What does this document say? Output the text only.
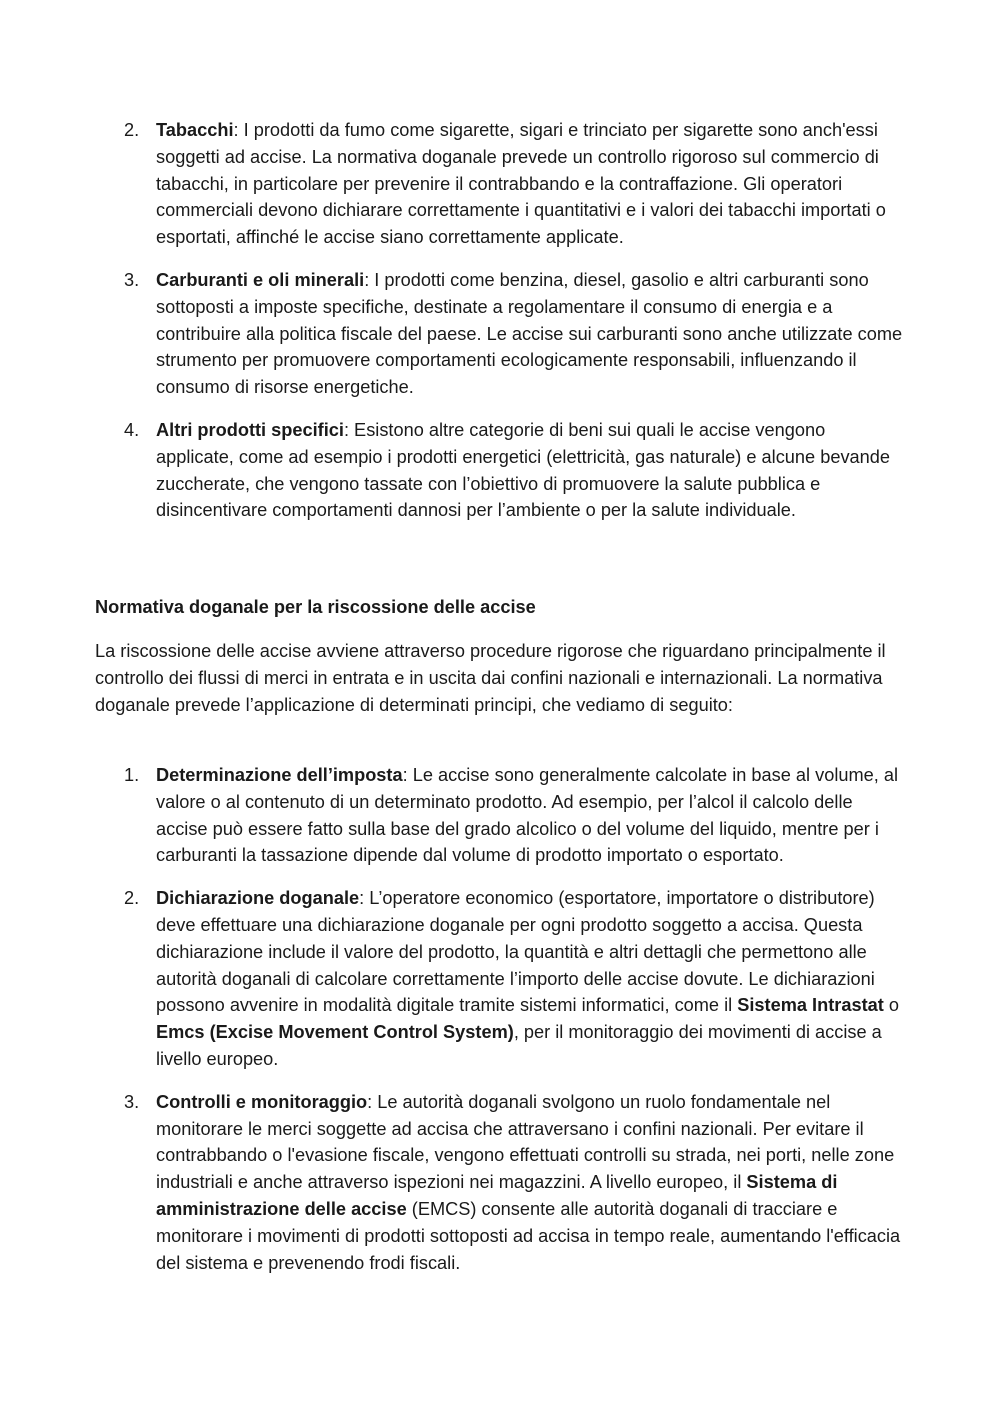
2. Tabacchi: I prodotti da fumo come sigarette, sigari e trinciato per sigarette sono anch'essi soggetti ad accise. La normativa doganale prevede un controllo rigoroso sul commercio di tabacchi, in particolare per prevenire il contrabbando e la contraffazione. Gli operatori commerciali devono dichiarare correttamente i quantitativi e i valori dei tabacchi importati o esportati, affinché le accise siano correttamente applicate.

3. Carburanti e oli minerali: I prodotti come benzina, diesel, gasolio e altri carburanti sono sottoposti a imposte specifiche, destinate a regolamentare il consumo di energia e a contribuire alla politica fiscale del paese. Le accise sui carburanti sono anche utilizzate come strumento per promuovere comportamenti ecologicamente responsabili, influenzando il consumo di risorse energetiche.

4. Altri prodotti specifici: Esistono altre categorie di beni sui quali le accise vengono applicate, come ad esempio i prodotti energetici (elettricità, gas naturale) e alcune bevande zuccherate, che vengono tassate con l’obiettivo di promuovere la salute pubblica e disincentivare comportamenti dannosi per l’ambiente o per la salute individuale.

Normativa doganale per la riscossione delle accise

La riscossione delle accise avviene attraverso procedure rigorose che riguardano principalmente il controllo dei flussi di merci in entrata e in uscita dai confini nazionali e internazionali. La normativa doganale prevede l’applicazione di determinati principi, che vediamo di seguito:

1. Determinazione dell’imposta: Le accise sono generalmente calcolate in base al volume, al valore o al contenuto di un determinato prodotto. Ad esempio, per l’alcol il calcolo delle accise può essere fatto sulla base del grado alcolico o del volume del liquido, mentre per i carburanti la tassazione dipende dal volume di prodotto importato o esportato.

2. Dichiarazione doganale: L’operatore economico (esportatore, importatore o distributore) deve effettuare una dichiarazione doganale per ogni prodotto soggetto a accisa. Questa dichiarazione include il valore del prodotto, la quantità e altri dettagli che permettono alle autorità doganali di calcolare correttamente l’importo delle accise dovute. Le dichiarazioni possono avvenire in modalità digitale tramite sistemi informatici, come il Sistema Intrastat o Emcs (Excise Movement Control System), per il monitoraggio dei movimenti di accise a livello europeo.

3. Controlli e monitoraggio: Le autorità doganali svolgono un ruolo fondamentale nel monitorare le merci soggette ad accisa che attraversano i confini nazionali. Per evitare il contrabbando o l'evasione fiscale, vengono effettuati controlli su strada, nei porti, nelle zone industriali e anche attraverso ispezioni nei magazzini. A livello europeo, il Sistema di amministrazione delle accise (EMCS) consente alle autorità doganali di tracciare e monitorare i movimenti di prodotti sottoposti ad accisa in tempo reale, aumentando l'efficacia del sistema e prevenendo frodi fiscali.
